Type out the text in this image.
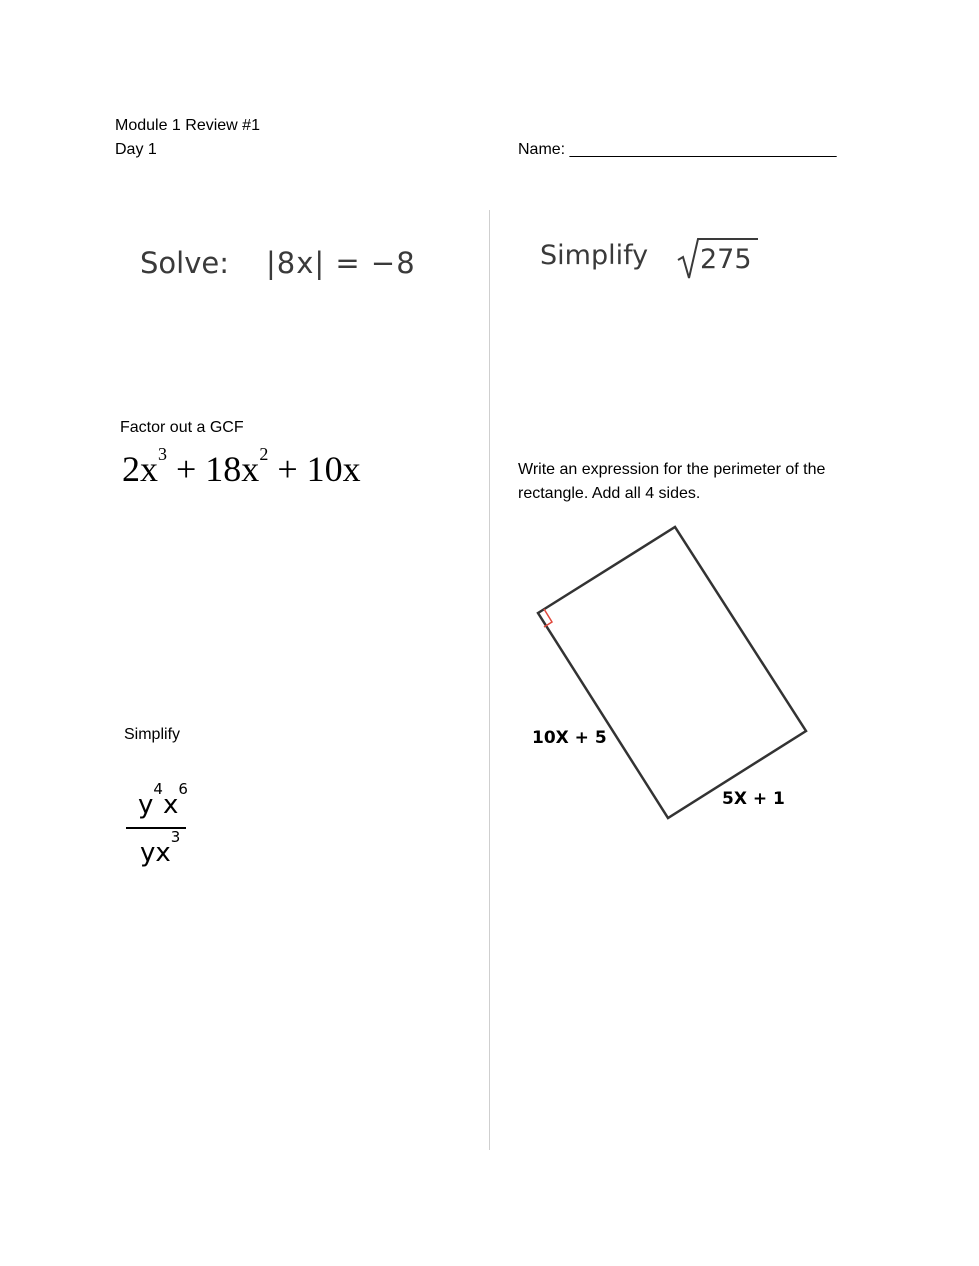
Module 1 Review #1
Day 1	Name: ______________________________
Solve: |8x| = −8	Simplify 275
Factor out a GCF
$2x^3 + 18x^2 + 10x$	Write an expression for the perimeter of the rectangle. Add all 4 sides.
10X + 5
5X + 1
Simplify
$y^4x^6$
$yx^3$
